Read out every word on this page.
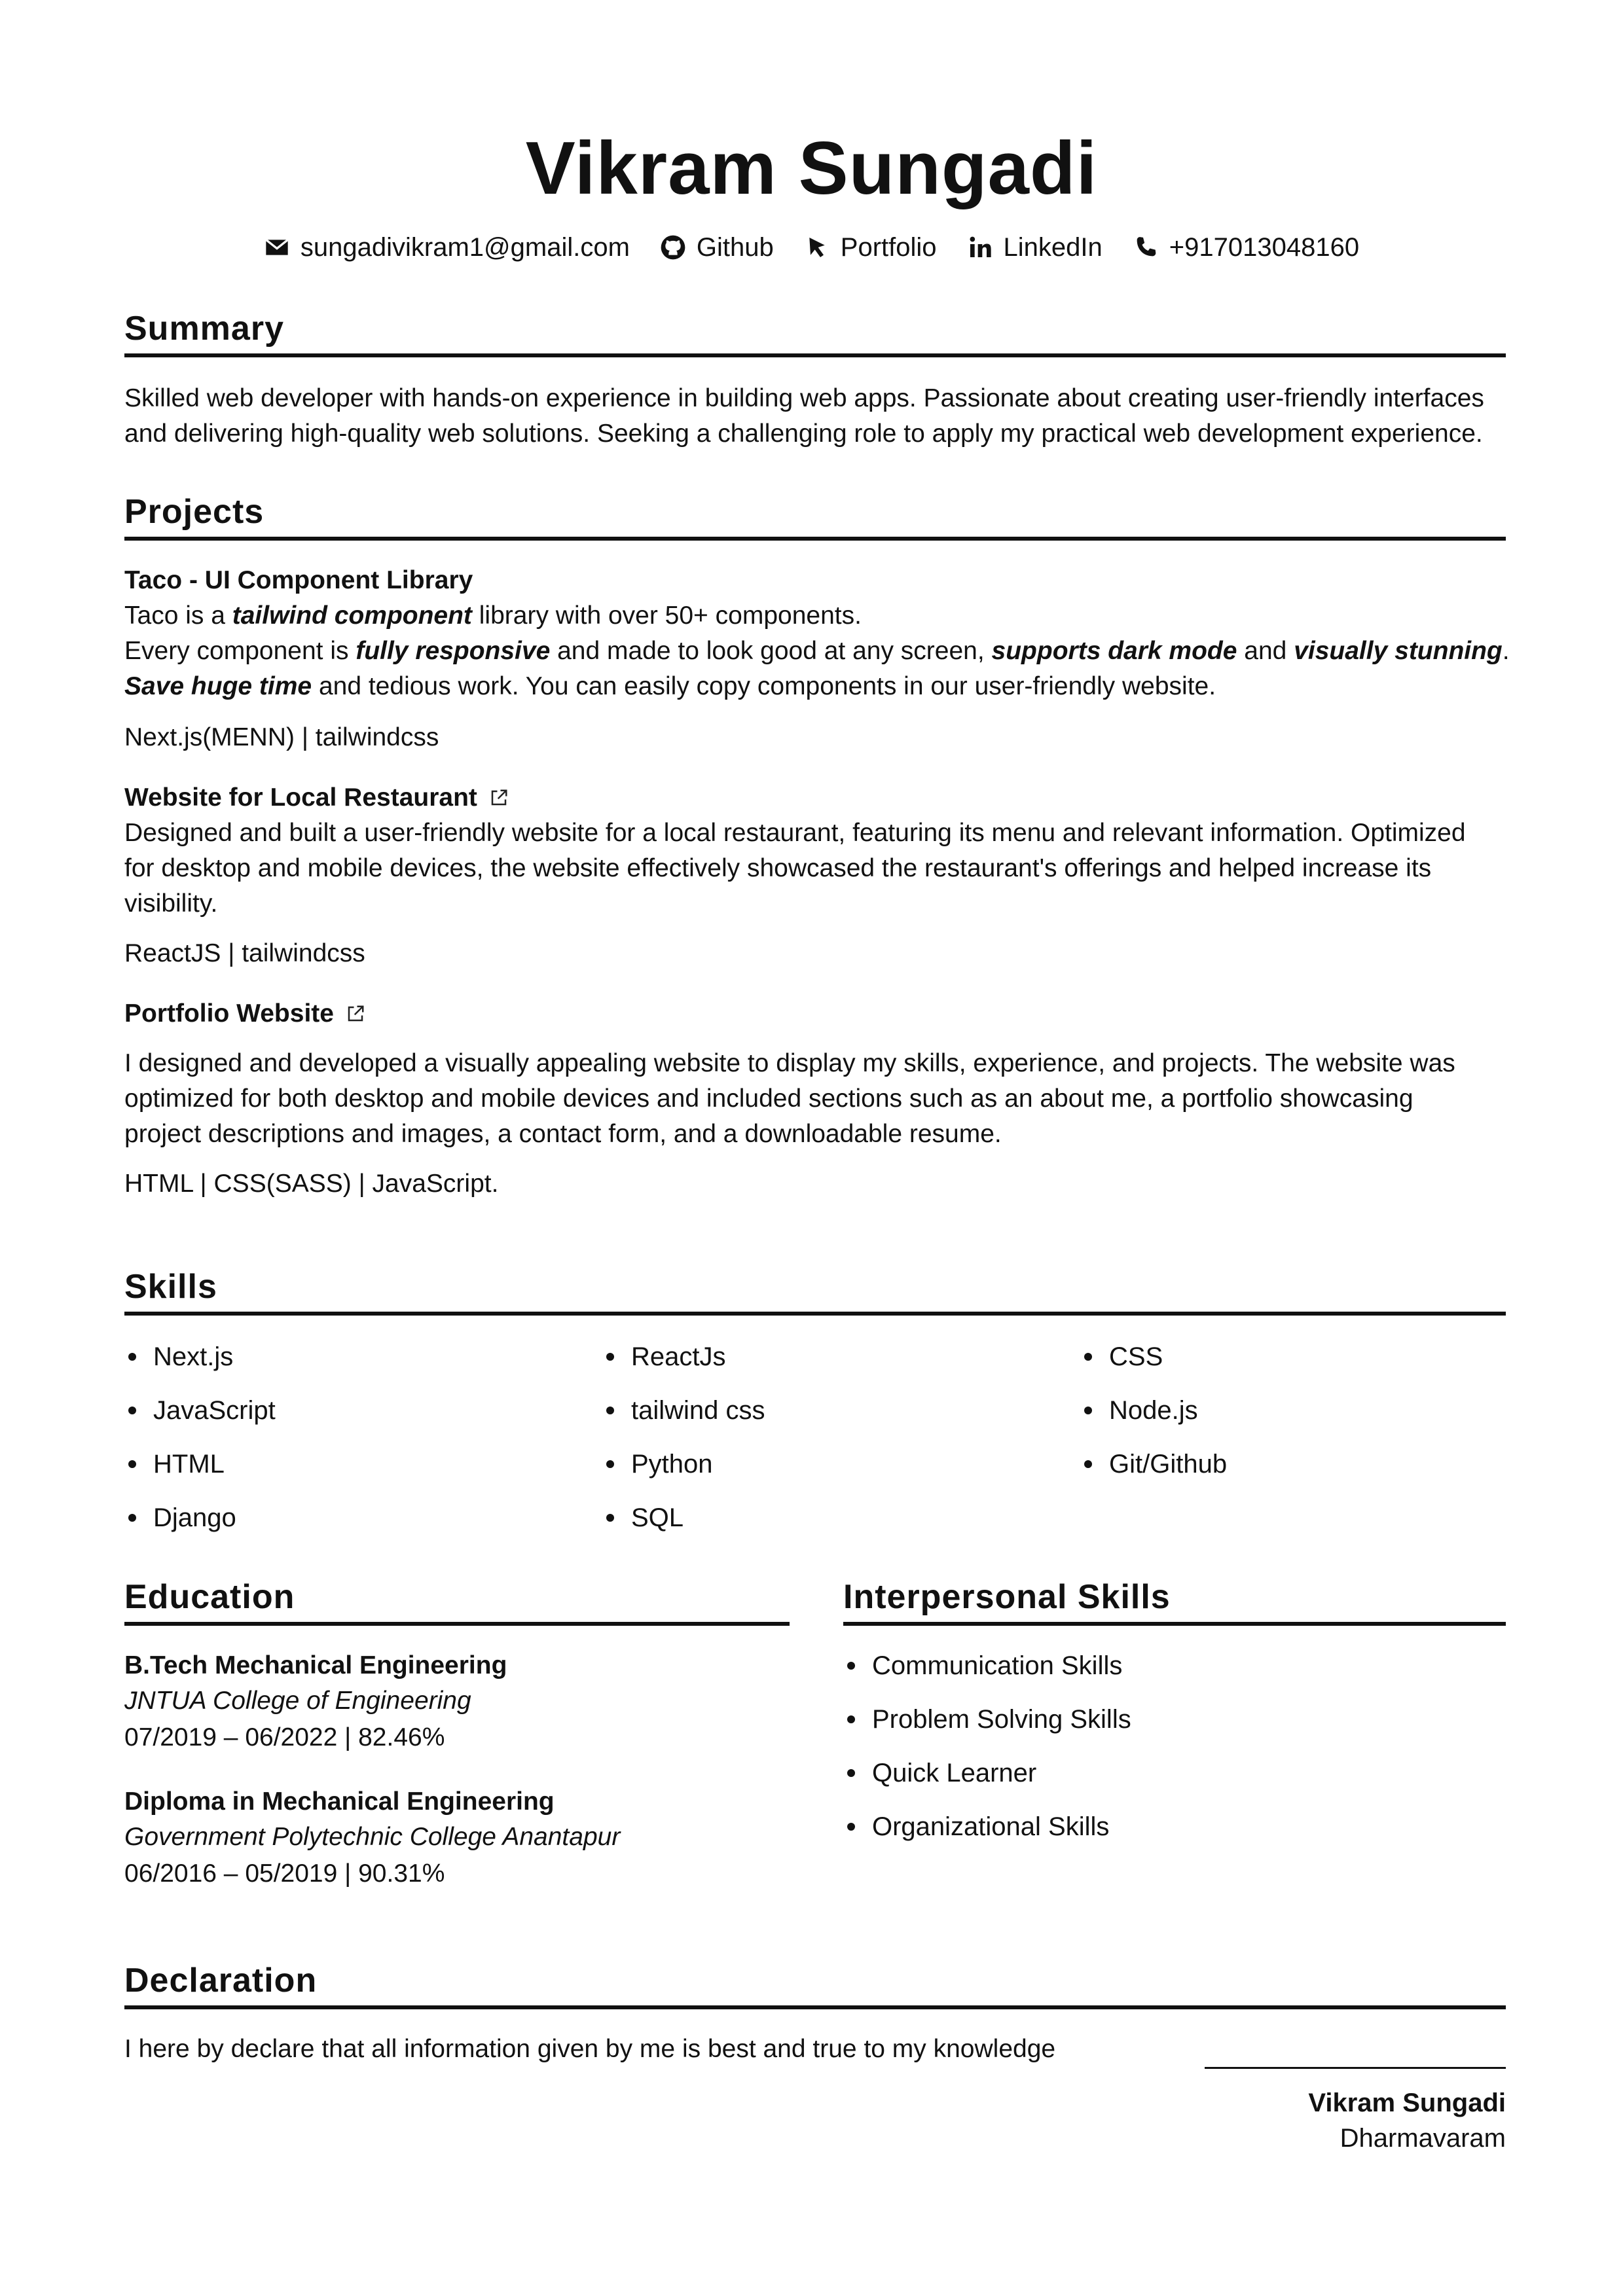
Vikram Sungadi
sungadivikram1@gmail.com	Github	Portfolio	LinkedIn	+917013048160
Summary
Skilled web developer with hands-on experience in building web apps. Passionate about creating user-friendly interfaces
and delivering high-quality web solutions. Seeking a challenging role to apply my practical web development experience.
Projects
Taco - UI Component Library
Taco is a tailwind component library with over 50+ components.
Every component is fully responsive and made to look good at any screen, supports dark mode and visually stunning.
Save huge time and tedious work. You can easily copy components in our user-friendly website.
Next.js(MENN) | tailwindcss
Website for Local Restaurant
Designed and built a user-friendly website for a local restaurant, featuring its menu and relevant information. Optimized
for desktop and mobile devices, the website effectively showcased the restaurant's offerings and helped increase its
visibility.
ReactJS | tailwindcss
Portfolio Website
I designed and developed a visually appealing website to display my skills, experience, and projects. The website was
optimized for both desktop and mobile devices and included sections such as an about me, a portfolio showcasing
project descriptions and images, a contact form, and a downloadable resume.
HTML | CSS(SASS) | JavaScript.
Skills
Next.js	ReactJs	CSS
JavaScript	tailwind css	Node.js
HTML	Python	Git/Github
Django	SQL
Education
B.Tech Mechanical Engineering
JNTUA College of Engineering
07/2019 – 06/2022 | 82.46%
Diploma in Mechanical Engineering
Government Polytechnic College Anantapur
06/2016 – 05/2019 | 90.31%
Interpersonal Skills
Communication Skills
Problem Solving Skills
Quick Learner
Organizational Skills
Declaration
I here by declare that all information given by me is best and true to my knowledge
Vikram Sungadi
Dharmavaram
